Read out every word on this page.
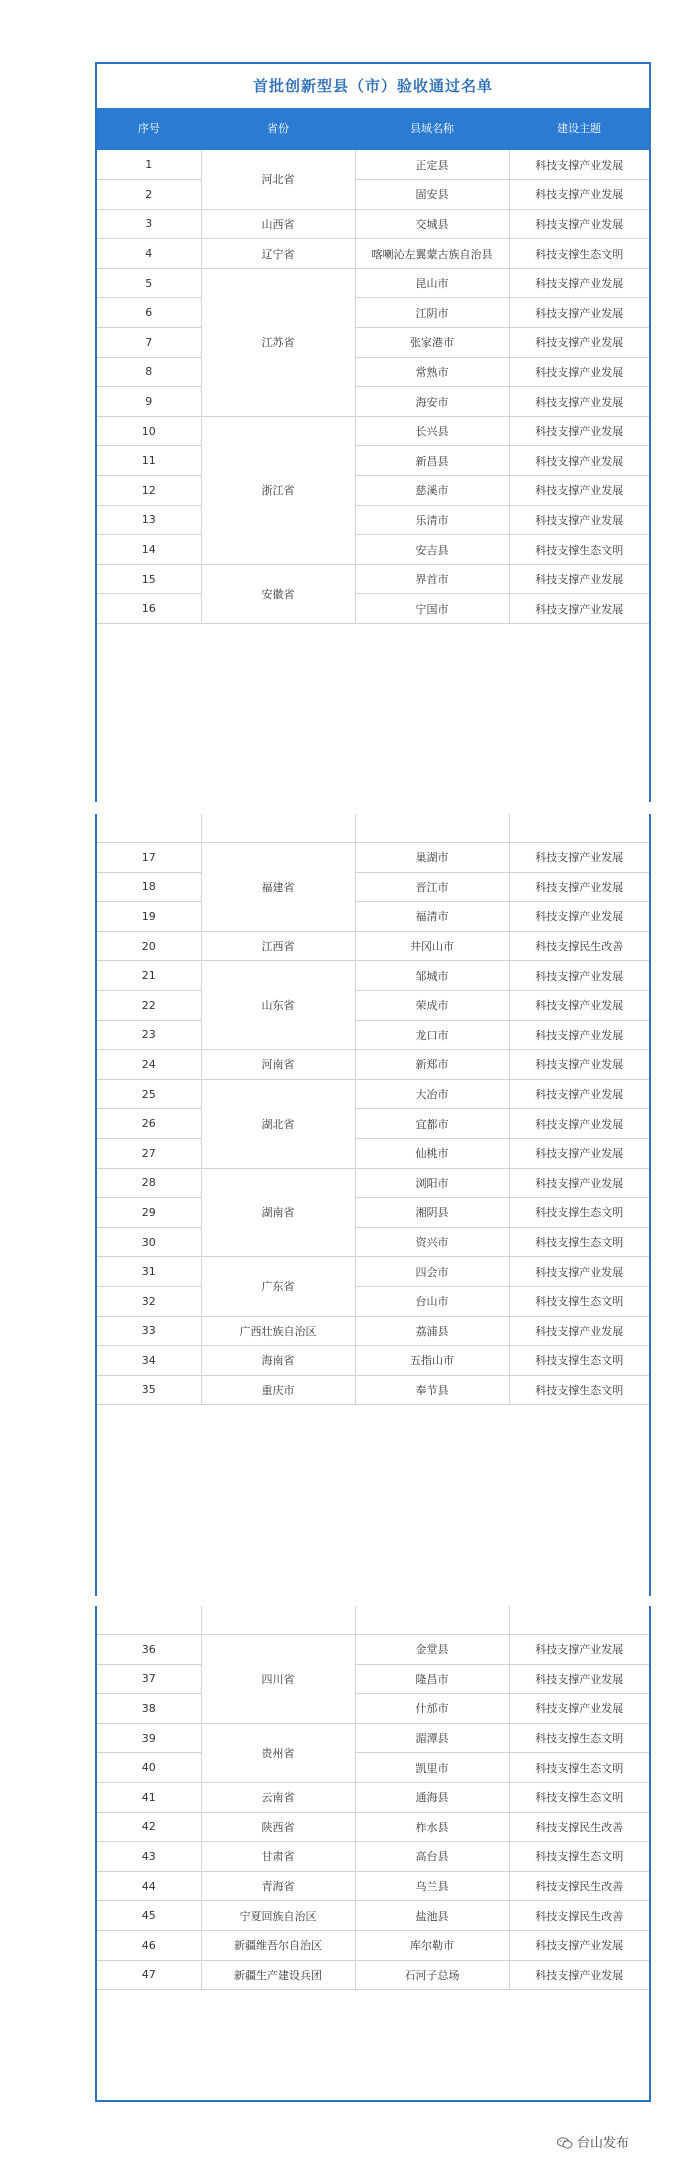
首批创新型县（市）验收通过名单
序号	省份	县域名称	建设主题
1	河北省	正定县	科技支撑产业发展
2		固安县	科技支撑产业发展
3	山西省	交城县	科技支撑产业发展
4	辽宁省	喀喇沁左翼蒙古族自治县	科技支撑生态文明
5	江苏省	昆山市	科技支撑产业发展
6		江阴市	科技支撑产业发展
7		张家港市	科技支撑产业发展
8		常熟市	科技支撑产业发展
9		海安市	科技支撑产业发展
10	浙江省	长兴县	科技支撑产业发展
11		新昌县	科技支撑产业发展
12		慈溪市	科技支撑产业发展
13		乐清市	科技支撑产业发展
14		安吉县	科技支撑生态文明
15	安徽省	界首市	科技支撑产业发展
16		宁国市	科技支撑产业发展

17	福建省	巢湖市	科技支撑产业发展
18		晋江市	科技支撑产业发展
19		福清市	科技支撑产业发展
20	江西省	井冈山市	科技支撑民生改善
21	山东省	邹城市	科技支撑产业发展
22		荣成市	科技支撑产业发展
23		龙口市	科技支撑产业发展
24	河南省	新郑市	科技支撑产业发展
25	湖北省	大冶市	科技支撑产业发展
26		宜都市	科技支撑产业发展
27		仙桃市	科技支撑产业发展
28	湖南省	浏阳市	科技支撑产业发展
29		湘阴县	科技支撑生态文明
30		资兴市	科技支撑生态文明
31	广东省	四会市	科技支撑产业发展
32		台山市	科技支撑生态文明
33	广西壮族自治区	荔浦县	科技支撑产业发展
34	海南省	五指山市	科技支撑生态文明
35	重庆市	奉节县	科技支撑生态文明

36	四川省	金堂县	科技支撑产业发展
37		隆昌市	科技支撑产业发展
38		什邡市	科技支撑产业发展
39	贵州省	湄潭县	科技支撑生态文明
40		凯里市	科技支撑生态文明
41	云南省	通海县	科技支撑生态文明
42	陕西省	柞水县	科技支撑民生改善
43	甘肃省	高台县	科技支撑生态文明
44	青海省	乌兰县	科技支撑民生改善
45	宁夏回族自治区	盐池县	科技支撑民生改善
46	新疆维吾尔自治区	库尔勒市	科技支撑产业发展
47	新疆生产建设兵团	石河子总场	科技支撑产业发展
台山发布
